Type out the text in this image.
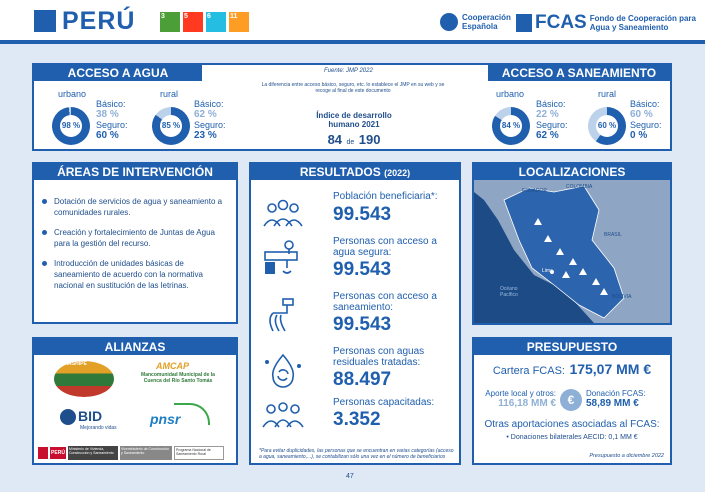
PERÚ	3	5	6	11	Cooperación Española	FCAS Fondo de Cooperación para Agua y Saneamiento
ACCESO A AGUA	ACCESO A SANEAMIENTO
urbano
98 %
Básico:
38 %
Seguro:
60 %
rural
85 %
Básico:
62 %
Seguro:
23 %
Fuente: JMP 2022
La diferencia entre acceso básico, seguro, etc. lo establece el JMP en su web y se recoge al final de este documento
Índice de desarrollo humano 2021
84 de 190
urbano
84 %
Básico:
22 %
Seguro:
62 %
rural
60 %
Básico:
60 %
Seguro:
0 %
ÁREAS DE INTERVENCIÓN
Dotación de servicios de agua y saneamiento a comunidades rurales.
Creación y fortalecimiento de Juntas de Agua para la gestión del recurso.
Introducción de unidades básicas de saneamiento de acuerdo con la normativa nacional en sustitución de las letrinas.
ALIANZAS
MASHIPE	AMCAP
Mancomunidad Municipal de la Cuenca del Río Santo Tomás
BID
Mejorando vidas
pnsr
PERÚ
Ministerio de Vivienda, Construcción y Saneamiento
Viceministerio de Construcción y Saneamiento
Programa Nacional de Saneamiento Rural
RESULTADOS (2022)
Población beneficiaria*:
99.543
Personas con acceso a agua segura:
99.543
Personas con acceso a saneamiento:
99.543
Personas con aguas residuales tratadas:
88.497
Personas capacitadas:
3.352
*Para evitar duplicidades, las personas que se encuentran en varias categorías (acceso a agua, saneamiento,...), se contabilizan sólo una vez en el número de beneficiarios
LOCALIZACIONES
ECUADOR
COLOMBIA
BRASIL
BOLIVIA
Lima
Océano Pacífico
PRESUPUESTO
Cartera FCAS: 175,07 MM €
Aporte local y otros:
116,18 MM € €	Donación FCAS:
58,89 MM €
Otras aportaciones asociadas al FCAS:
• Donaciones bilaterales AECID: 0,1 MM €
Presupuesto a diciembre 2022
47
